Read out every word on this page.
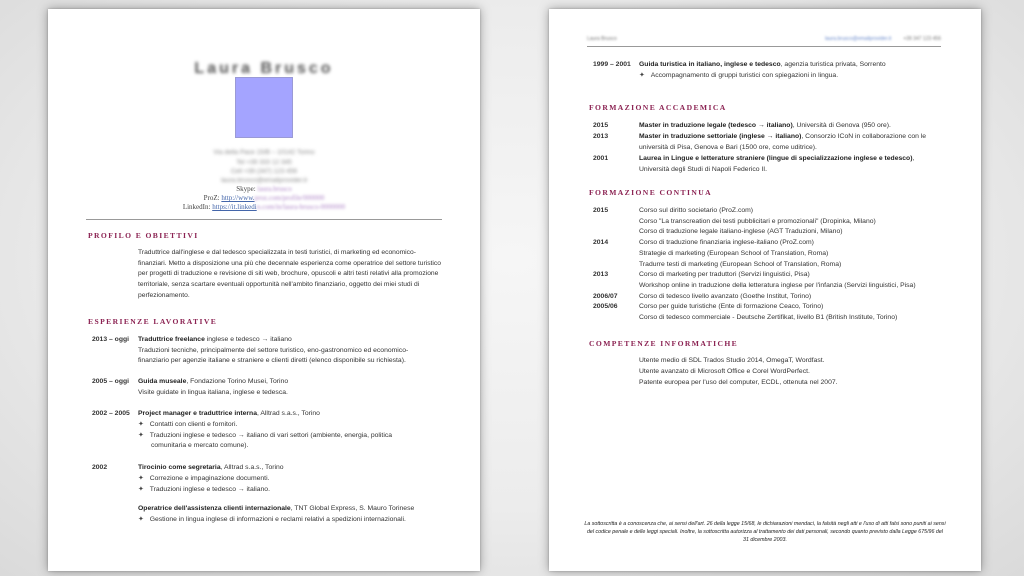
Laura Brusco
Via della Pace 15/B – 10142 Torino
Tel +39 333 12 345
Cell +39 (347) 123 456
laura.brusco@emailprovider.it
Skype: laura.brusco
ProZ: http://www.proz.com/profile/000000
LinkedIn: https://it.linkedin.com/in/laura-brusco-0000000
PROFILO E OBIETTIVI
Traduttrice dall'inglese e dal tedesco specializzata in testi turistici, di marketing ed economico-finanziari. Metto a disposizione una più che decennale esperienza come operatrice del settore turistico per progetti di traduzione e revisione di siti web, brochure, opuscoli e altri testi relativi alla promozione territoriale, senza scartare eventuali opportunità nell'ambito finanziario, oggetto dei miei studi di perfezionamento.
ESPERIENZE LAVORATIVE
2013 – oggi Traduttrice freelance inglese e tedesco → italiano
Traduzioni tecniche, principalmente del settore turistico, eno-gastronomico ed economico-
finanziario per agenzie italiane e straniere e clienti diretti (elenco disponibile su richiesta).
2005 – oggi Guida museale, Fondazione Torino Musei, Torino
Visite guidate in lingua italiana, inglese e tedesca.
2002 – 2005 Project manager e traduttrice interna, Alltrad s.a.s., Torino
✦ Contatti con clienti e fornitori.
✦ Traduzioni inglese e tedesco → italiano di vari settori (ambiente, energia, politica
comunitaria e mercato comune).
2002	Tirocinio come segretaria, Alltrad s.a.s., Torino
✦ Correzione e impaginazione documenti.
✦ Traduzioni inglese e tedesco → italiano.
Operatrice dell'assistenza clienti internazionale, TNT Global Express, S. Mauro Torinese
✦ Gestione in lingua inglese di informazioni e reclami relativi a spedizioni internazionali.
Laura Brusco	laura.brusco@emailprovider.it +39 347 123 456
1999 – 2001 Guida turistica in italiano, inglese e tedesco, agenzia turistica privata, Sorrento
✦ Accompagnamento di gruppi turistici con spiegazioni in lingua.
FORMAZIONE ACCADEMICA
2015	Master in traduzione legale (tedesco → italiano), Università di Genova (950 ore).
2013	Master in traduzione settoriale (inglese → italiano), Consorzio ICoN in collaborazione con le
università di Pisa, Genova e Bari (1500 ore, come uditrice).
2001	Laurea in Lingue e letterature straniere (lingue di specializzazione inglese e tedesco),
Università degli Studi di Napoli Federico II.
FORMAZIONE CONTINUA
2015	Corso sul diritto societario (ProZ.com)
Corso "La transcreation dei testi pubblicitari e promozionali" (Dropinka, Milano)
Corso di traduzione legale italiano-inglese (AGT Traduzioni, Milano)
2014	Corso di traduzione finanziaria inglese-italiano (ProZ.com)
Strategie di marketing (European School of Translation, Roma)
Tradurre testi di marketing (European School of Translation, Roma)
2013	Corso di marketing per traduttori (Servizi linguistici, Pisa)
Workshop online in traduzione della letteratura inglese per l'infanzia (Servizi linguistici, Pisa)
2006/07	Corso di tedesco livello avanzato (Goethe Institut, Torino)
2005/06	Corso per guide turistiche (Ente di formazione Ceaco, Torino)
Corso di tedesco commerciale - Deutsche Zertifikat, livello B1 (British Institute, Torino)
COMPETENZE INFORMATICHE
Utente medio di SDL Trados Studio 2014, OmegaT, Wordfast.
Utente avanzato di Microsoft Office e Corel WordPerfect.
Patente europea per l'uso del computer, ECDL, ottenuta nel 2007.
La sottoscritta è a conoscenza che, ai sensi dell'art. 26 della legge 15/68, le dichiarazioni mendaci, la falsità negli atti e l'uso di atti falsi sono puniti ai sensi del codice penale e delle leggi speciali. Inoltre, la sottoscritta autorizza al trattamento dei dati personali, secondo quanto previsto dalla Legge 675/96 del 31 dicembre 2003.
